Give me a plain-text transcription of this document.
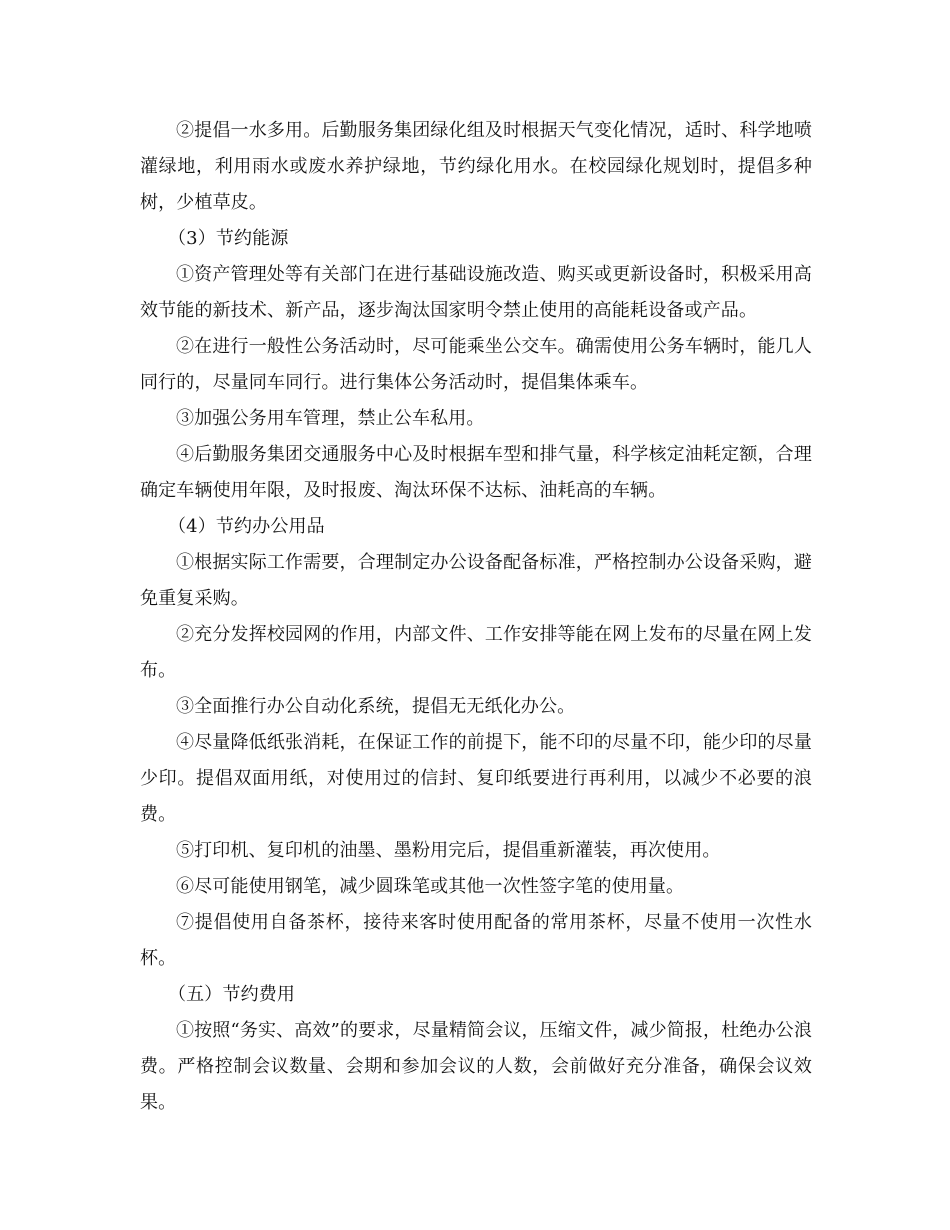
②提倡一水多用。后勤服务集团绿化组及时根据天气变化情况，适时、科学地喷灌绿地，利用雨水或废水养护绿地，节约绿化用水。在校园绿化规划时，提倡多种树，少植草皮。

（3）节约能源

①资产管理处等有关部门在进行基础设施改造、购买或更新设备时，积极采用高效节能的新技术、新产品，逐步淘汰国家明令禁止使用的高能耗设备或产品。

②在进行一般性公务活动时，尽可能乘坐公交车。确需使用公务车辆时，能几人同行的，尽量同车同行。进行集体公务活动时，提倡集体乘车。

③加强公务用车管理，禁止公车私用。

④后勤服务集团交通服务中心及时根据车型和排气量，科学核定油耗定额，合理确定车辆使用年限，及时报废、淘汰环保不达标、油耗高的车辆。

（4）节约办公用品

①根据实际工作需要，合理制定办公设备配备标准，严格控制办公设备采购，避免重复采购。

②充分发挥校园网的作用，内部文件、工作安排等能在网上发布的尽量在网上发布。

③全面推行办公自动化系统，提倡无无纸化办公。

④尽量降低纸张消耗，在保证工作的前提下，能不印的尽量不印，能少印的尽量少印。提倡双面用纸，对使用过的信封、复印纸要进行再利用，以减少不必要的浪费。

⑤打印机、复印机的油墨、墨粉用完后，提倡重新灌装，再次使用。

⑥尽可能使用钢笔，减少圆珠笔或其他一次性签字笔的使用量。

⑦提倡使用自备茶杯，接待来客时使用配备的常用茶杯，尽量不使用一次性水杯。

（五）节约费用

①按照“务实、高效”的要求，尽量精简会议，压缩文件，减少简报，杜绝办公浪费。严格控制会议数量、会期和参加会议的人数，会前做好充分准备，确保会议效果。
